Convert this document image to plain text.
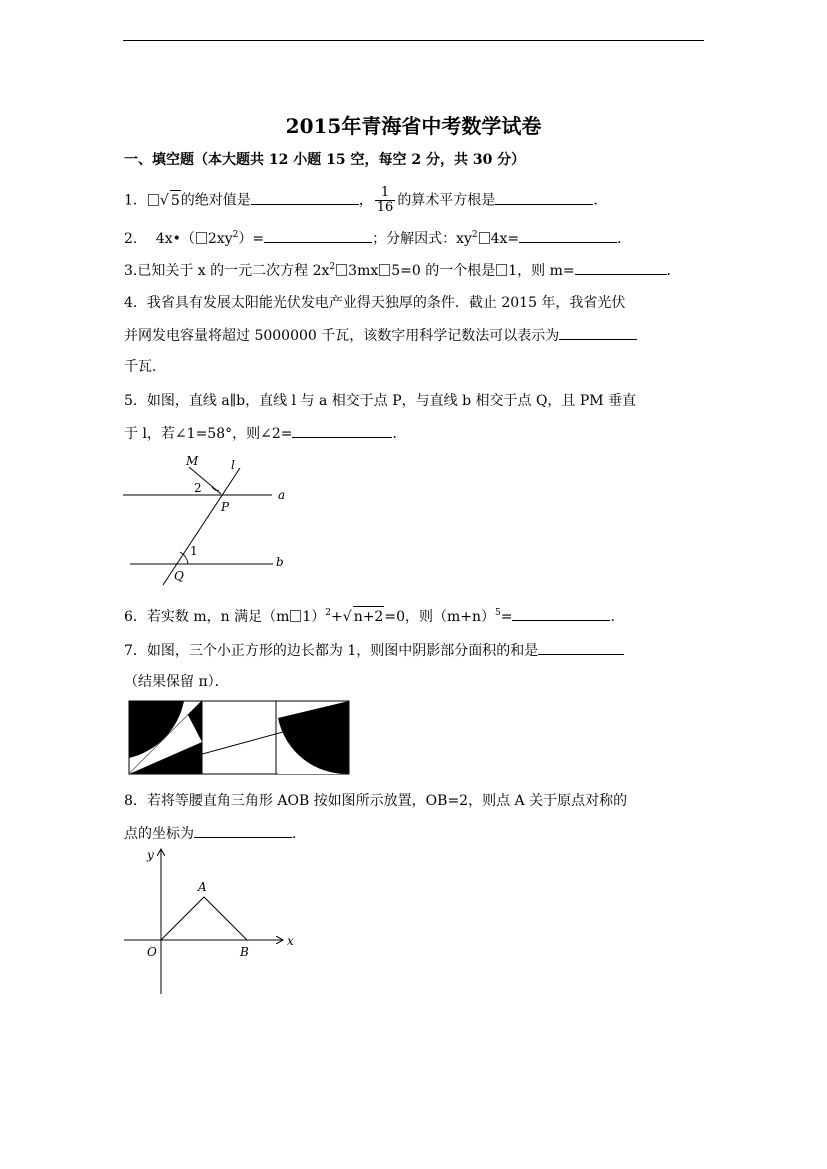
2015年青海省中考数学试卷
一、填空题（本大题共 12 小题 15 空，每空 2 分，共 30 分）
1． √ 5的绝对值是	， $\frac{1}{16}$ 的算术平方根是	．
2． 4x•（ $2xy^2)=$	；分解因式：$xy^2$ 4x=	．
3.已知关于 x 的一元二次方程 $2x^2$ 3mx 5=0 的一个根是 1，则 m=	．
4．我省具有发展太阳能光伏发电产业得天独厚的条件．截止 2015 年，我省光伏
并网发电容量将超过 5000000 千瓦，该数字用科学记数法可以表示为
千瓦．
5．如图，直线 a∥b，直线 l 与 a 相交于点 P，与直线 b 相交于点 Q，且 PM 垂直
于 l，若∠1=58°，则∠2=	．
M	l
2	a
P
1
b
Q
6．若实数 m，n 满足（m 1）$^2$+√ n+2=0，则$(m+n)^5=$	．
7．如图，三个小正方形的边长都为 1，则图中阴影部分面积的和是
（结果保留 π）．
8．若将等腰直角三角形 AOB 按如图所示放置，OB=2，则点 A 关于原点对称的
点的坐标为	．
y
x
A
O	B
